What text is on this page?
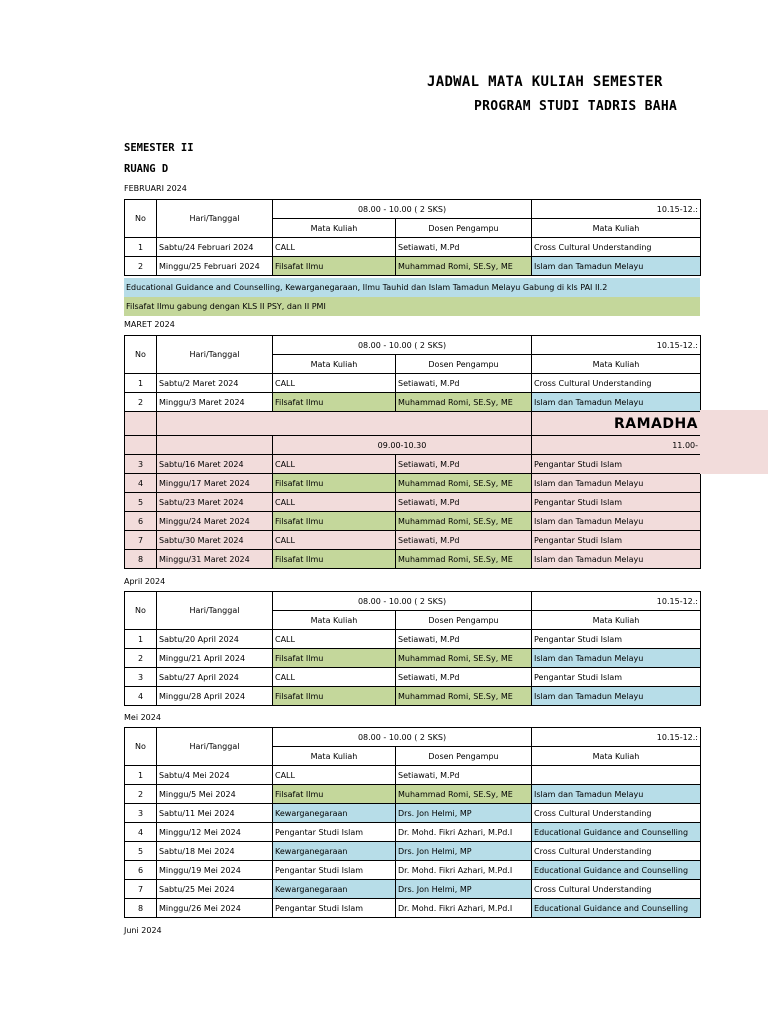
JADWAL MATA KULIAH SEMESTER
PROGRAM STUDI TADRIS BAHA
SEMESTER II
RUANG D
FEBRUARI 2024
No	Hari/Tanggal	08.00 - 10.00 ( 2 SKS)		10.15-12.:
		Mata Kuliah	Dosen Pengampu	Mata Kuliah
1	Sabtu/24 Februari 2024	CALL	Setiawati, M.Pd	Cross Cultural Understanding
2	Minggu/25 Februari 2024	Filsafat Ilmu	Muhammad Romi, SE.Sy, ME	Islam dan Tamadun Melayu
Educational Guidance and Counselling, Kewarganegaraan, Ilmu Tauhid dan Islam Tamadun Melayu Gabung di kls PAI II.2
Filsafat Ilmu gabung dengan KLS II PSY, dan II PMI
MARET 2024
No	Hari/Tanggal	08.00 - 10.00 ( 2 SKS)		10.15-12.:
		Mata Kuliah	Dosen Pengampu	Mata Kuliah
1	Sabtu/2 Maret 2024	CALL	Setiawati, M.Pd	Cross Cultural Understanding
2	Minggu/3 Maret 2024	Filsafat Ilmu	Muhammad Romi, SE.Sy, ME	Islam dan Tamadun Melayu
				RAMADHA
		09.00-10.30		11.00-
3	Sabtu/16 Maret 2024	CALL	Setiawati, M.Pd	Pengantar Studi Islam
4	Minggu/17 Maret 2024	Filsafat Ilmu	Muhammad Romi, SE.Sy, ME	Islam dan Tamadun Melayu
5	Sabtu/23 Maret 2024	CALL	Setiawati, M.Pd	Pengantar Studi Islam
6	Minggu/24 Maret 2024	Filsafat Ilmu	Muhammad Romi, SE.Sy, ME	Islam dan Tamadun Melayu
7	Sabtu/30 Maret 2024	CALL	Setiawati, M.Pd	Pengantar Studi Islam
8	Minggu/31 Maret 2024	Filsafat Ilmu	Muhammad Romi, SE.Sy, ME	Islam dan Tamadun Melayu
April 2024
No	Hari/Tanggal	08.00 - 10.00 ( 2 SKS)		10.15-12.:
		Mata Kuliah	Dosen Pengampu	Mata Kuliah
1	Sabtu/20 April 2024	CALL	Setiawati, M.Pd	Pengantar Studi Islam
2	Minggu/21 April 2024	Filsafat Ilmu	Muhammad Romi, SE.Sy, ME	Islam dan Tamadun Melayu
3	Sabtu/27 April 2024	CALL	Setiawati, M.Pd	Pengantar Studi Islam
4	Minggu/28 April 2024	Filsafat Ilmu	Muhammad Romi, SE.Sy, ME	Islam dan Tamadun Melayu
Mei 2024
No	Hari/Tanggal	08.00 - 10.00 ( 2 SKS)		10.15-12.:
		Mata Kuliah	Dosen Pengampu	Mata Kuliah
1	Sabtu/4 Mei 2024	CALL	Setiawati, M.Pd	
2	Minggu/5 Mei 2024	Filsafat Ilmu	Muhammad Romi, SE.Sy, ME	Islam dan Tamadun Melayu
3	Sabtu/11 Mei 2024	Kewarganegaraan	Drs. Jon Helmi, MP	Cross Cultural Understanding
4	Minggu/12 Mei 2024	Pengantar Studi Islam	Dr. Mohd. Fikri Azhari, M.Pd.I	Educational Guidance and Counselling
5	Sabtu/18 Mei 2024	Kewarganegaraan	Drs. Jon Helmi, MP	Cross Cultural Understanding
6	Minggu/19 Mei 2024	Pengantar Studi Islam	Dr. Mohd. Fikri Azhari, M.Pd.I	Educational Guidance and Counselling
7	Sabtu/25 Mei 2024	Kewarganegaraan	Drs. Jon Helmi, MP	Cross Cultural Understanding
8	Minggu/26 Mei 2024	Pengantar Studi Islam	Dr. Mohd. Fikri Azhari, M.Pd.I	Educational Guidance and Counselling
Juni 2024
